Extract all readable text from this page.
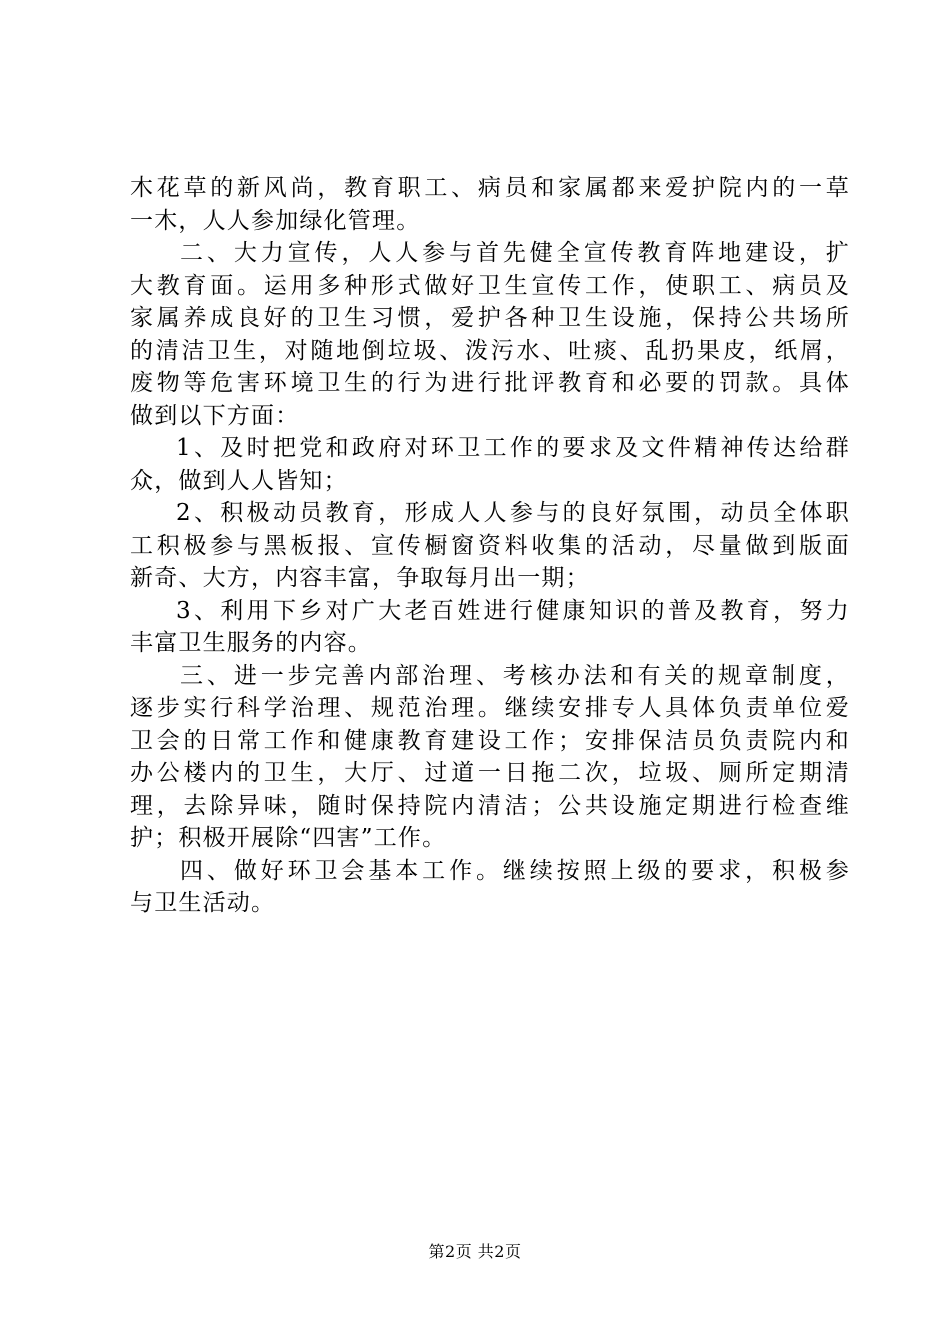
木花草的新风尚，教育职工、病员和家属都来爱护院内的一草
一木，人人参加绿化管理。
二、大力宣传，人人参与首先健全宣传教育阵地建设，扩
大教育面。运用多种形式做好卫生宣传工作，使职工、病员及
家属养成良好的卫生习惯，爱护各种卫生设施，保持公共场所
的清洁卫生，对随地倒垃圾、泼污水、吐痰、乱扔果皮，纸屑，
废物等危害环境卫生的行为进行批评教育和必要的罚款。具体
做到以下方面：
1、及时把党和政府对环卫工作的要求及文件精神传达给群
众，做到人人皆知；
2、积极动员教育，形成人人参与的良好氛围，动员全体职
工积极参与黑板报、宣传橱窗资料收集的活动，尽量做到版面
新奇、大方，内容丰富，争取每月出一期；
3、利用下乡对广大老百姓进行健康知识的普及教育，努力
丰富卫生服务的内容。
三、进一步完善内部治理、考核办法和有关的规章制度，
逐步实行科学治理、规范治理。继续安排专人具体负责单位爱
卫会的日常工作和健康教育建设工作；安排保洁员负责院内和
办公楼内的卫生，大厅、过道一日拖二次，垃圾、厕所定期清
理，去除异味，随时保持院内清洁；公共设施定期进行检查维
护；积极开展除“四害”工作。
四、做好环卫会基本工作。继续按照上级的要求，积极参
与卫生活动。
第2页 共2页
